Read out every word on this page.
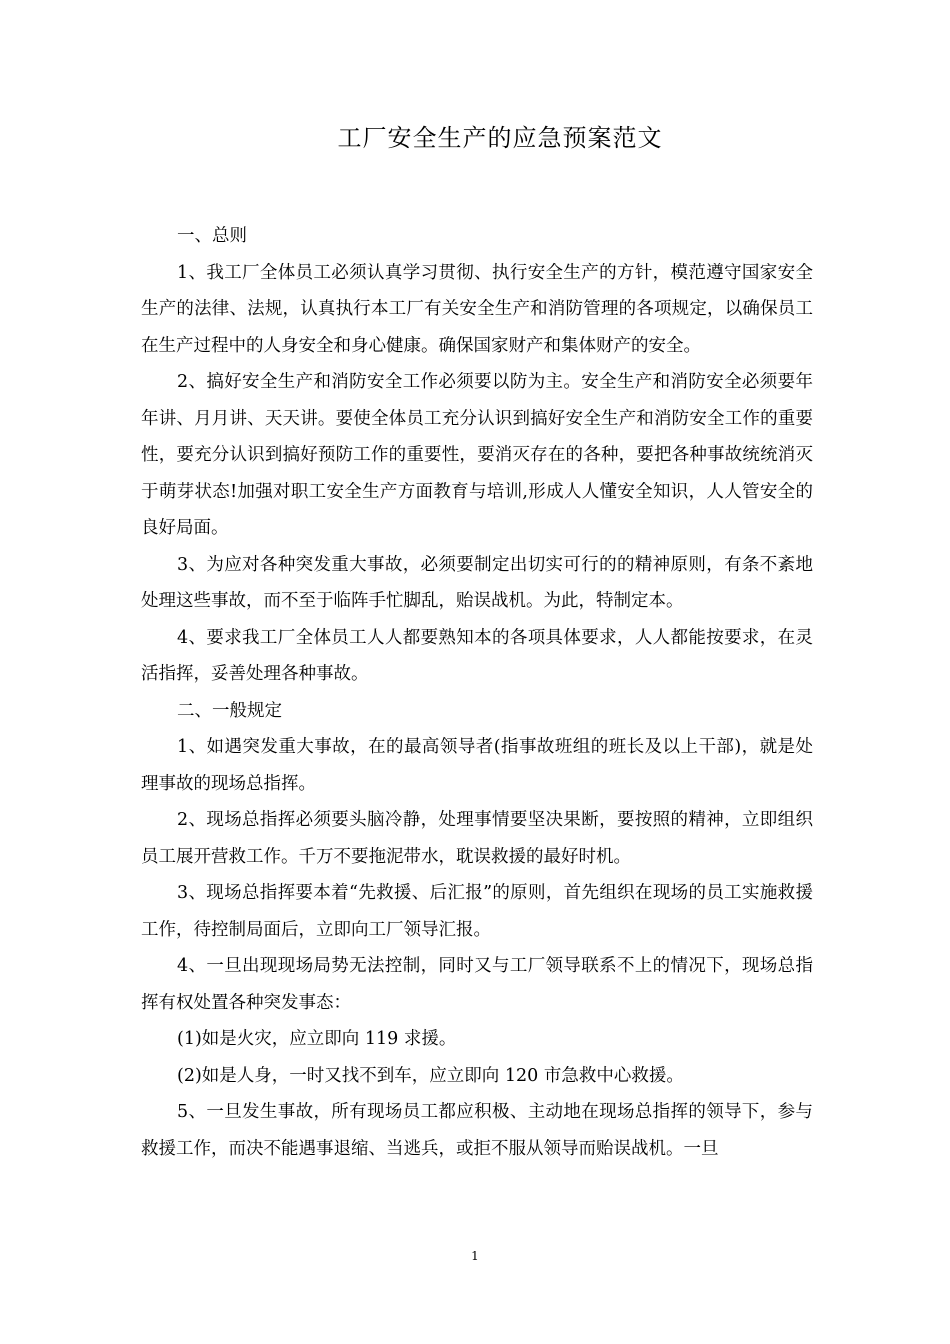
工厂安全生产的应急预案范文

一、总则

1、我工厂全体员工必须认真学习贯彻、执行安全生产的方针，模范遵守国家安全生产的法律、法规，认真执行本工厂有关安全生产和消防管理的各项规定，以确保员工在生产过程中的人身安全和身心健康。确保国家财产和集体财产的安全。

2、搞好安全生产和消防安全工作必须要以防为主。安全生产和消防安全必须要年年讲、月月讲、天天讲。要使全体员工充分认识到搞好安全生产和消防安全工作的重要性，要充分认识到搞好预防工作的重要性，要消灭存在的各种，要把各种事故统统消灭于萌芽状态!加强对职工安全生产方面教育与培训,形成人人懂安全知识，人人管安全的良好局面。

3、为应对各种突发重大事故，必须要制定出切实可行的的精神原则，有条不紊地处理这些事故，而不至于临阵手忙脚乱，贻误战机。为此，特制定本。

4、要求我工厂全体员工人人都要熟知本的各项具体要求，人人都能按要求，在灵活指挥，妥善处理各种事故。

二、一般规定

1、如遇突发重大事故，在的最高领导者(指事故班组的班长及以上干部)，就是处理事故的现场总指挥。

2、现场总指挥必须要头脑冷静，处理事情要坚决果断，要按照的精神，立即组织员工展开营救工作。千万不要拖泥带水，耽误救援的最好时机。

3、现场总指挥要本着“先救援、后汇报”的原则，首先组织在现场的员工实施救援工作，待控制局面后，立即向工厂领导汇报。

4、一旦出现现场局势无法控制，同时又与工厂领导联系不上的情况下，现场总指挥有权处置各种突发事态：

(1)如是火灾，应立即向 119 求援。

(2)如是人身，一时又找不到车，应立即向 120 市急救中心救援。

5、一旦发生事故，所有现场员工都应积极、主动地在现场总指挥的领导下，参与救援工作，而决不能遇事退缩、当逃兵，或拒不服从领导而贻误战机。一旦

1
